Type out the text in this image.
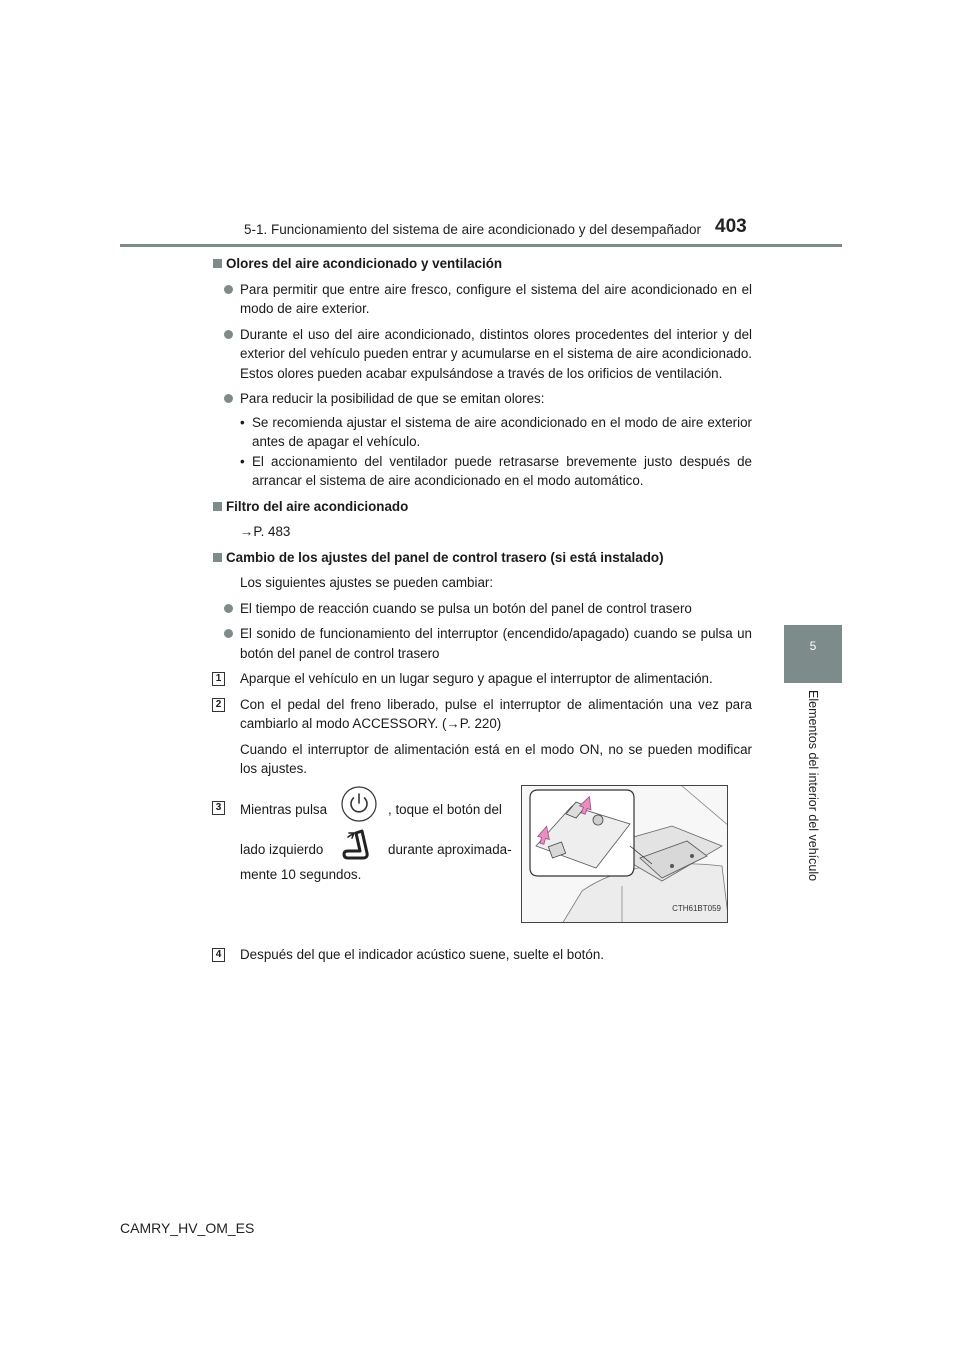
5-1. Funcionamiento del sistema de aire acondicionado y del desempañador 403
5
Elementos del interior del vehículo
Olores del aire acondicionado y ventilación
Para permitir que entre aire fresco, configure el sistema del aire acondicionado en el modo de aire exterior.
Durante el uso del aire acondicionado, distintos olores procedentes del interior y del exterior del vehículo pueden entrar y acumularse en el sistema de aire acondicionado. Estos olores pueden acabar expulsándose a través de los orificios de ventilación.
Para reducir la posibilidad de que se emitan olores:
• Se recomienda ajustar el sistema de aire acondicionado en el modo de aire exterior antes de apagar el vehículo.
• El accionamiento del ventilador puede retrasarse brevemente justo después de arrancar el sistema de aire acondicionado en el modo automático.
Filtro del aire acondicionado
→P. 483
Cambio de los ajustes del panel de control trasero (si está instalado)
Los siguientes ajustes se pueden cambiar:
El tiempo de reacción cuando se pulsa un botón del panel de control trasero
El sonido de funcionamiento del interruptor (encendido/apagado) cuando se pulsa un botón del panel de control trasero
1 Aparque el vehículo en un lugar seguro y apague el interruptor de alimentación.
2 Con el pedal del freno liberado, pulse el interruptor de alimentación una vez para cambiarlo al modo ACCESSORY. (→P. 220)
Cuando el interruptor de alimentación está en el modo ON, no se pueden modificar los ajustes.
3 Mientras pulsa	, toque el botón del
lado izquierdo	durante aproximada-
mente 10 segundos.
CTH61BT059
4 Después del que el indicador acústico suene, suelte el botón.
CAMRY_HV_OM_ES
